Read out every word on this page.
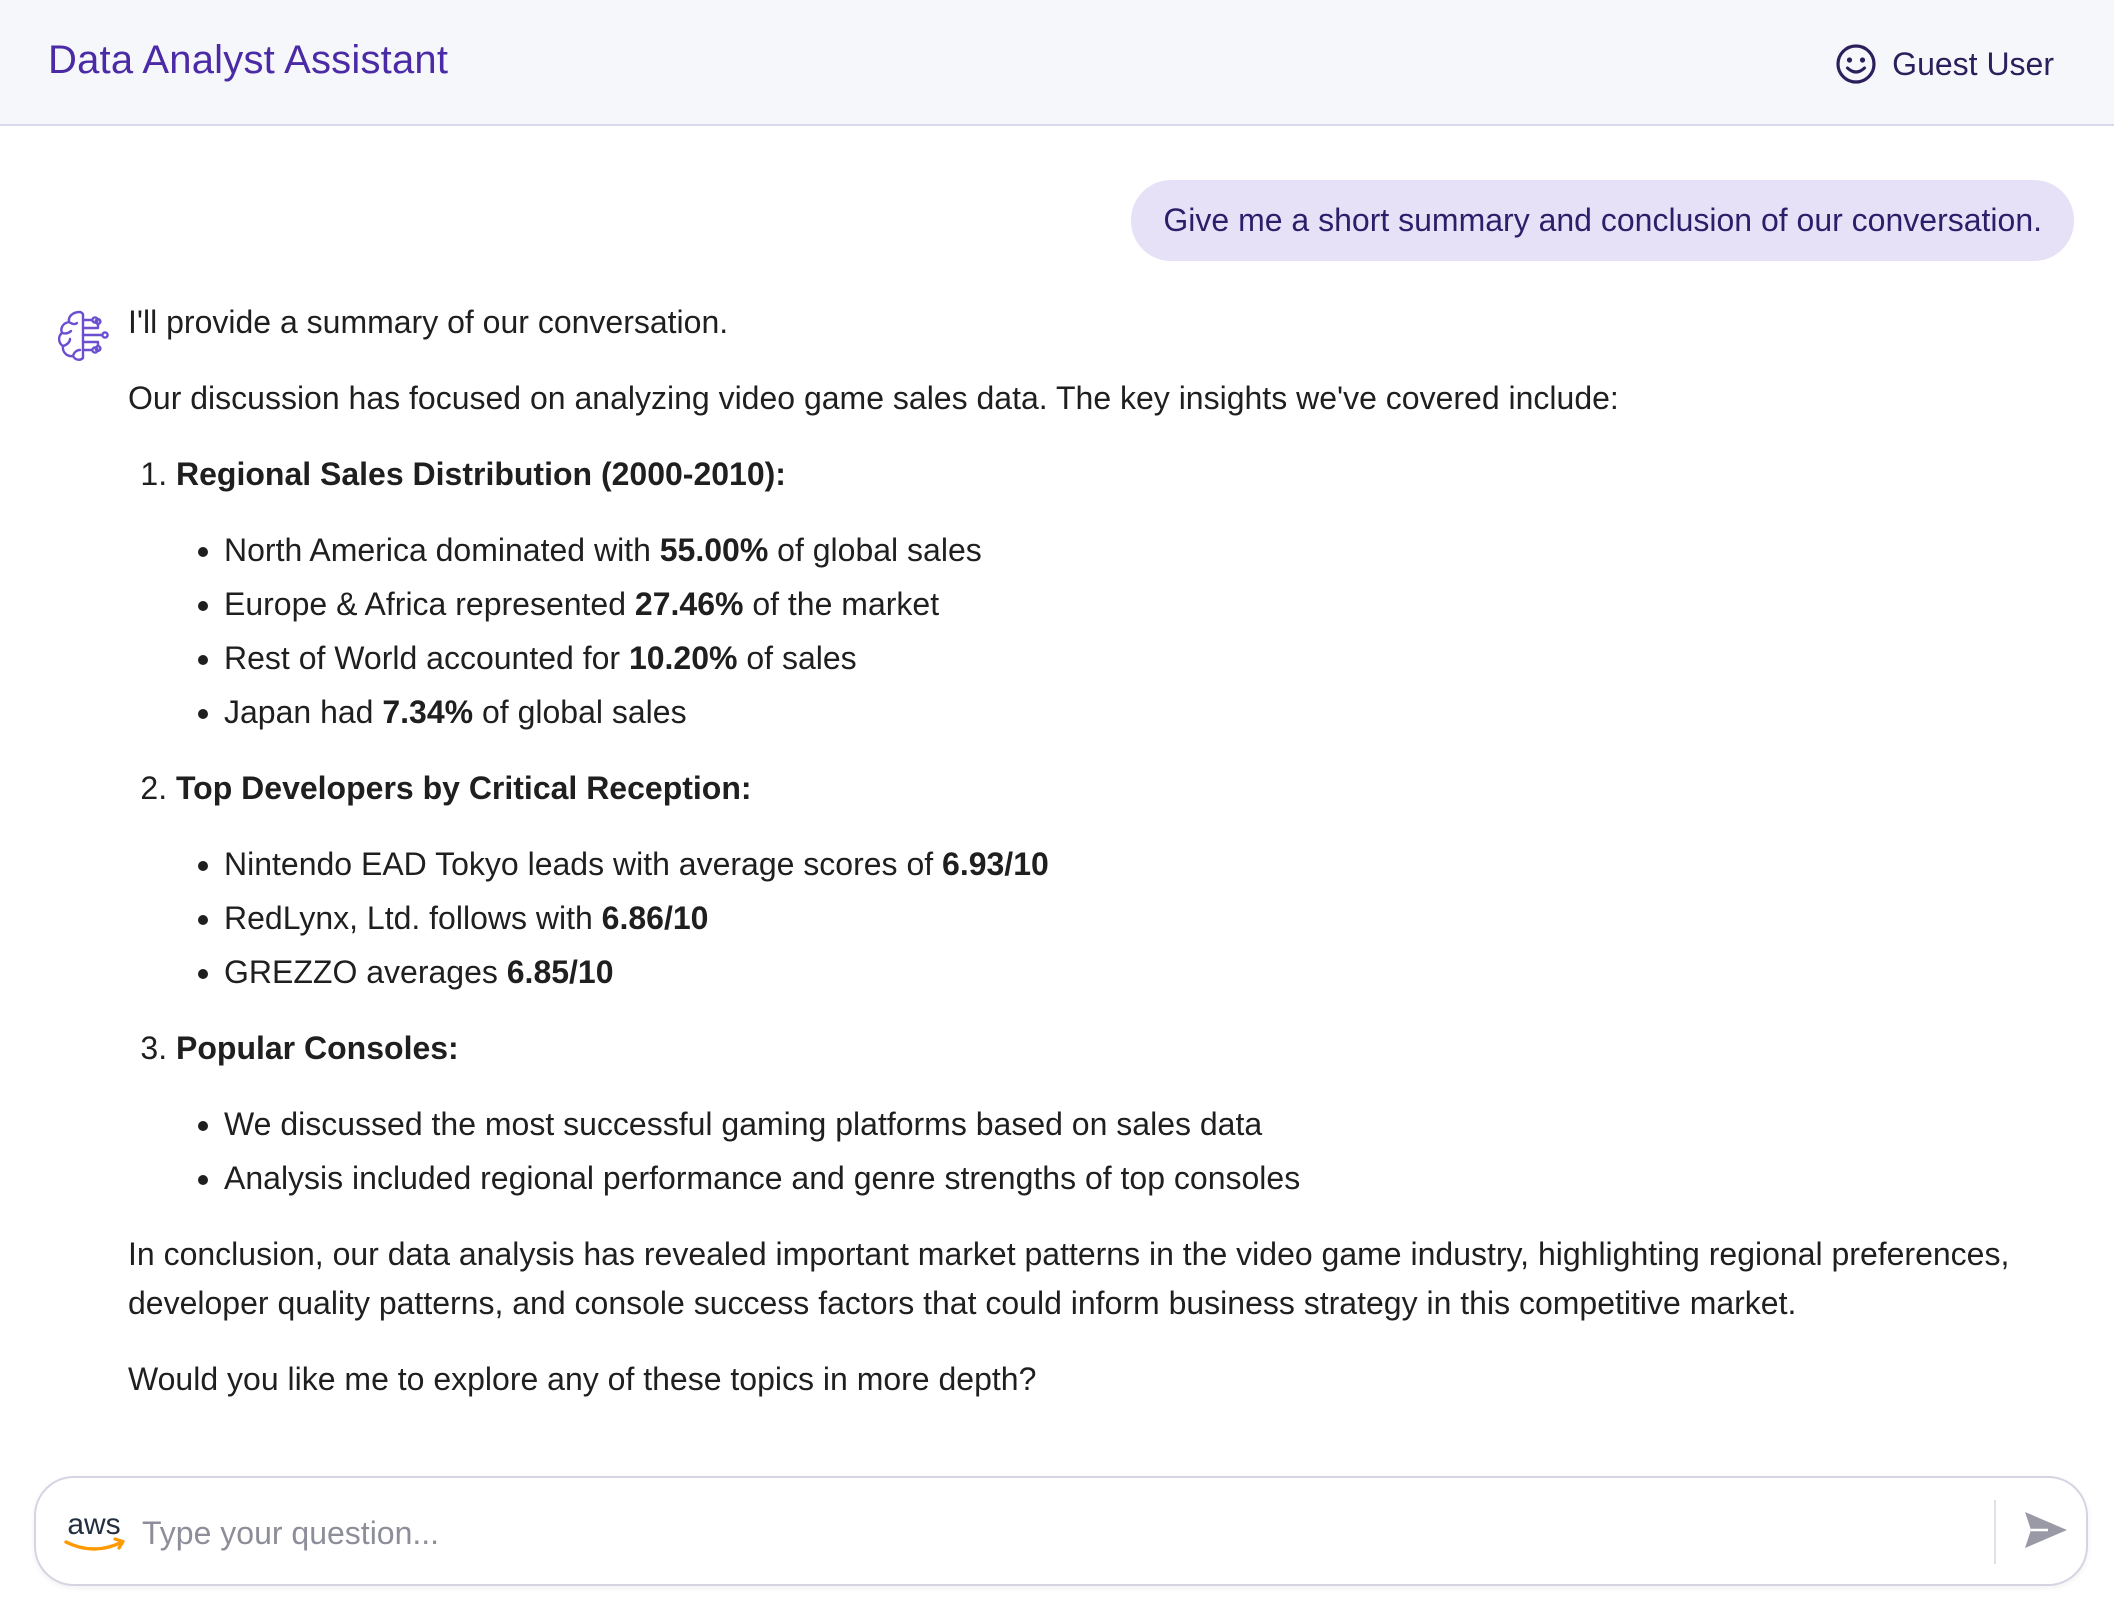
Data Analyst Assistant	Guest User
Give me a short summary and conclusion of our conversation.

I'll provide a summary of our conversation.

Our discussion has focused on analyzing video game sales data. The key insights we've covered include:

1. Regional Sales Distribution (2000-2010):
• North America dominated with 55.00% of global sales
• Europe & Africa represented 27.46% of the market
• Rest of World accounted for 10.20% of sales
• Japan had 7.34% of global sales
2. Top Developers by Critical Reception:
• Nintendo EAD Tokyo leads with average scores of 6.93/10
• RedLynx, Ltd. follows with 6.86/10
• GREZZO averages 6.85/10
3. Popular Consoles:
• We discussed the most successful gaming platforms based on sales data
• Analysis included regional performance and genre strengths of top consoles

In conclusion, our data analysis has revealed important market patterns in the video game industry, highlighting regional preferences, developer quality patterns, and console success factors that could inform business strategy in this competitive market.

Would you like me to explore any of these topics in more depth?

aws
Type your question...
